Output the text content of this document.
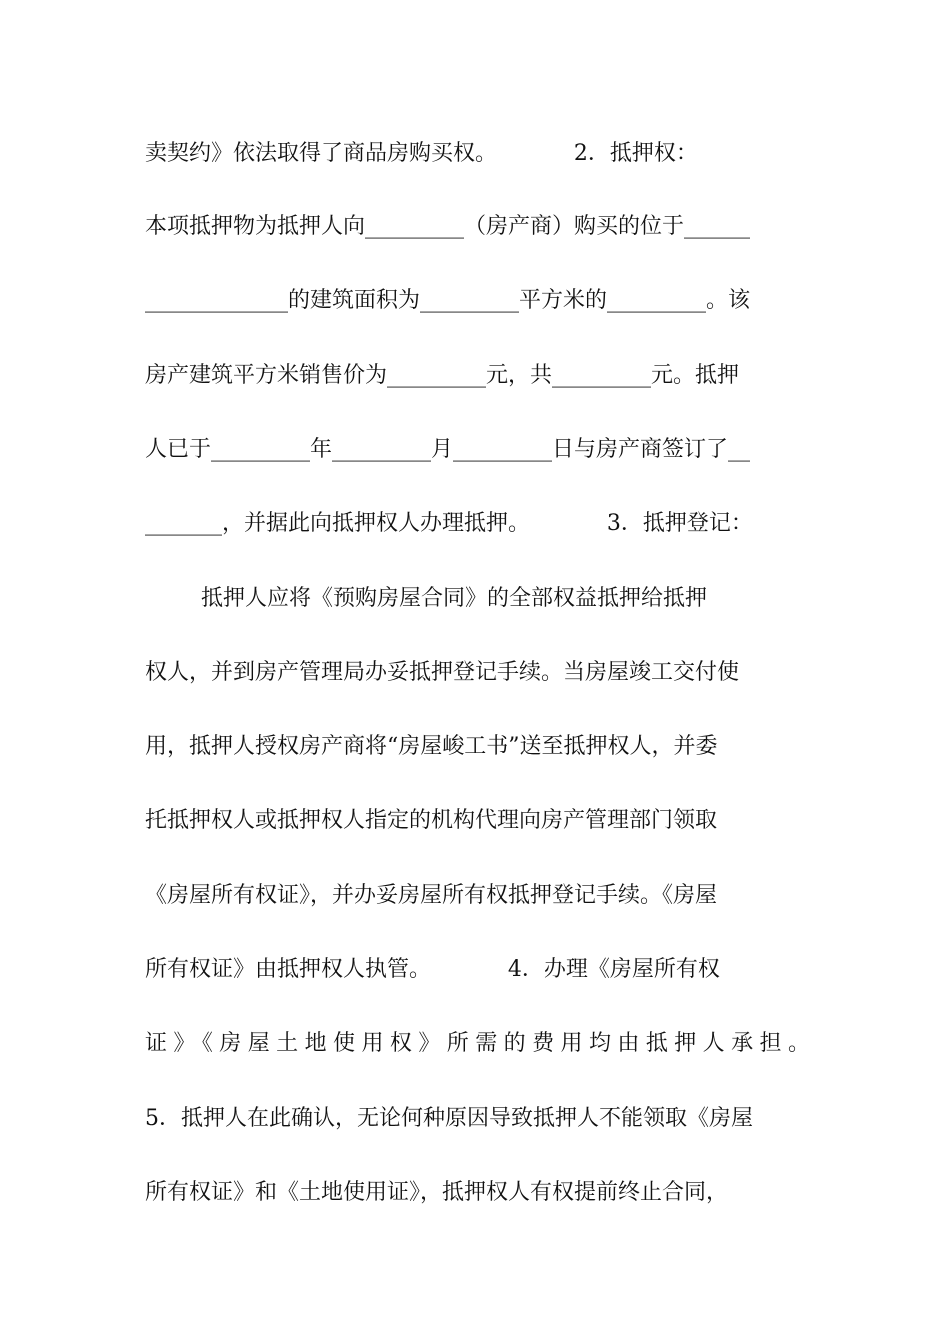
卖契约》依法取得了商品房购买权。           2．抵押权：
本项抵押物为抵押人向_________（房产商）购买的位于______
_____________的建筑面积为_________平方米的_________。该
房产建筑平方米销售价为_________元，共_________元。抵押
人已于_________年_________月_________日与房产商签订了__
_______，并据此向抵押权人办理抵押。           3．抵押登记：
抵押人应将《预购房屋合同》的全部权益抵押给抵押
权人，并到房产管理局办妥抵押登记手续。当房屋竣工交付使
用，抵押人授权房产商将“房屋峻工书”送至抵押权人，并委
托抵押权人或抵押权人指定的机构代理向房产管理部门领取
《房屋所有权证》，并办妥房屋所有权抵押登记手续。《房屋
所有权证》由抵押权人执管。           4．办理《房屋所有权
证》《房屋土地使用权》所需的费用均由抵押人承担。
5．抵押人在此确认，无论何种原因导致抵押人不能领取《房屋
所有权证》和《土地使用证》，抵押权人有权提前终止合同，
